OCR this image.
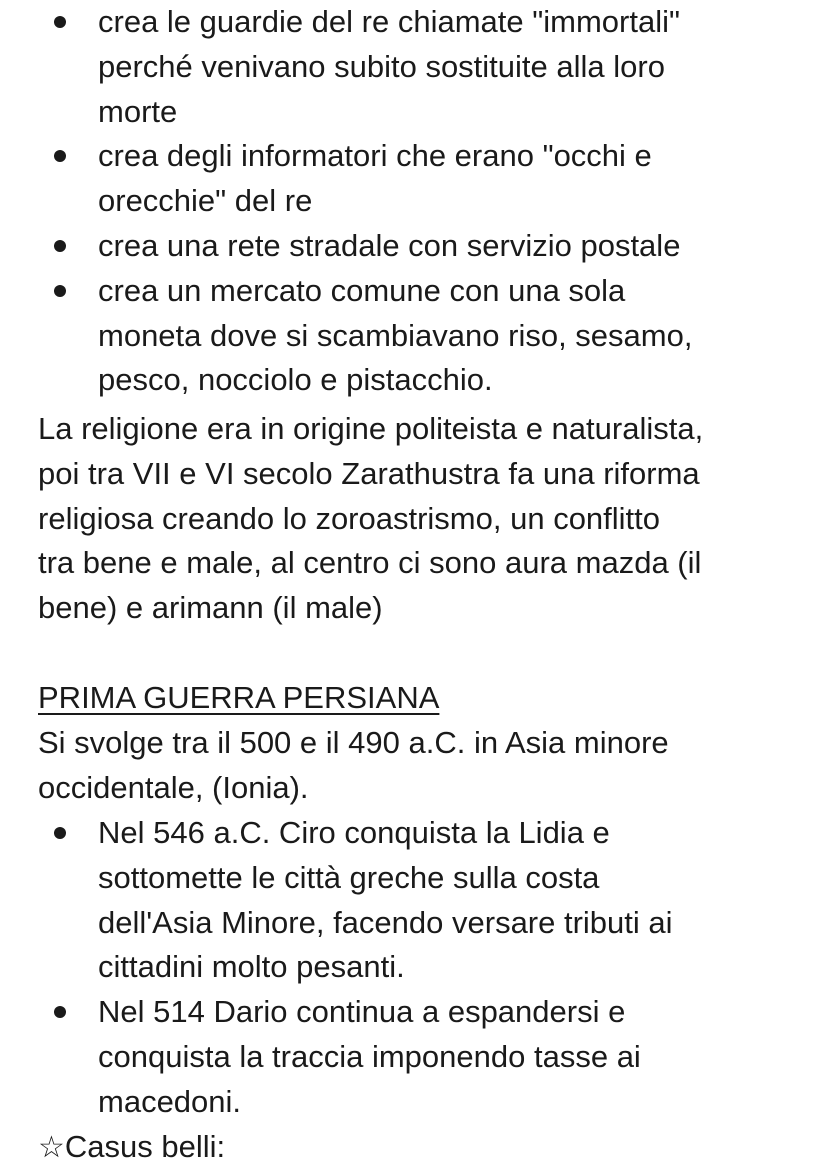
crea le guardie del re chiamate "immortali"
perché venivano subito sostituite alla loro
morte
crea degli informatori che erano "occhi e
orecchie" del re
crea una rete stradale con servizio postale
crea un mercato comune con una sola
moneta dove si scambiavano riso, sesamo,
pesco, nocciolo e pistacchio.
La religione era in origine politeista e naturalista,
poi tra VII e VI secolo Zarathustra fa una riforma
religiosa creando lo zoroastrismo, un conflitto
tra bene e male, al centro ci sono aura mazda (il
bene) e arimann (il male)
PRIMA GUERRA PERSIANA
Si svolge tra il 500 e il 490 a.C. in Asia minore
occidentale, (Ionia).
Nel 546 a.C. Ciro conquista la Lidia e
sottomette le città greche sulla costa
dell'Asia Minore, facendo versare tributi ai
cittadini molto pesanti.
Nel 514 Dario continua a espandersi e
conquista la traccia imponendo tasse ai
macedoni.
☆Casus belli:
